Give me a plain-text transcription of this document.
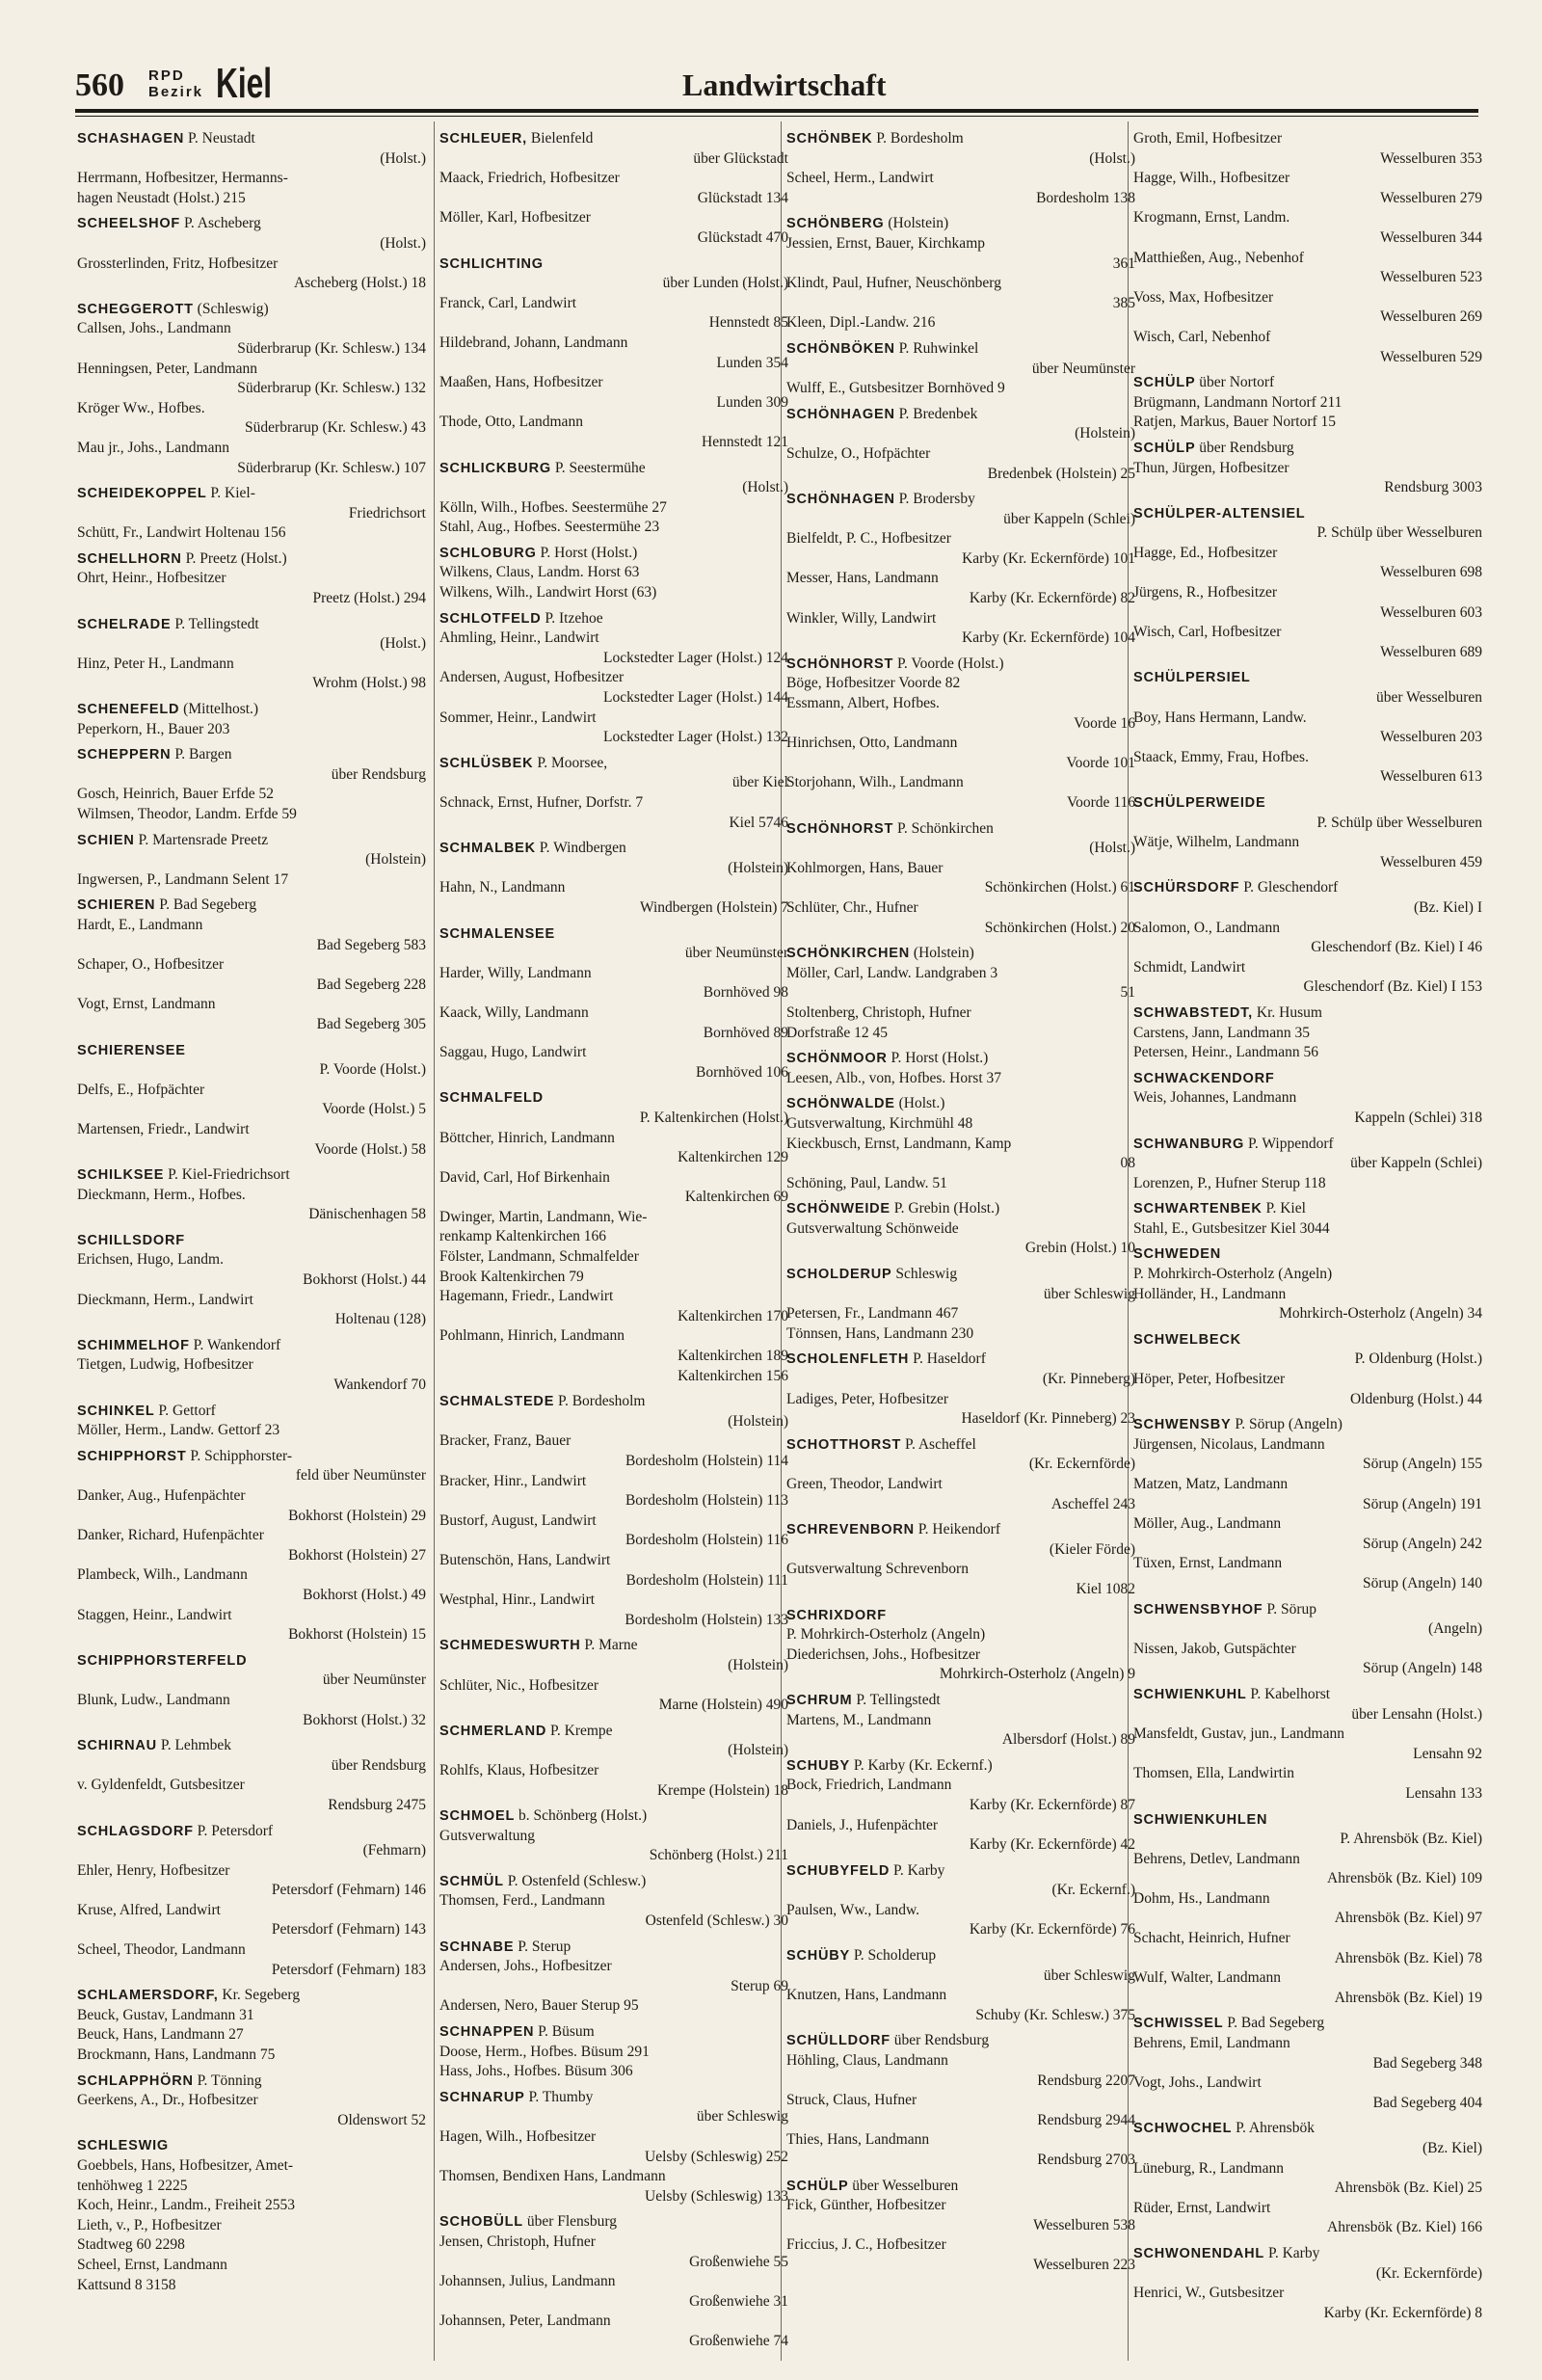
560 RPD
Bezirk Kiel	Landwirtschaft
SCHASHAGEN P. Neustadt
(Holst.)
Herrmann, Hofbesitzer, Hermanns-
hagen Neustadt (Holst.) 215
SCHEELSHOF P. Ascheberg
(Holst.)
Grossterlinden, Fritz, Hofbesitzer
Ascheberg (Holst.) 18
SCHEGGEROTT (Schleswig)
Callsen, Johs., Landmann
Süderbrarup (Kr. Schlesw.) 134
Henningsen, Peter, Landmann
Süderbrarup (Kr. Schlesw.) 132
Kröger Ww., Hofbes.
Süderbrarup (Kr. Schlesw.) 43
Mau jr., Johs., Landmann
Süderbrarup (Kr. Schlesw.) 107
SCHEIDEKOPPEL P. Kiel-
Friedrichsort
Schütt, Fr., Landwirt Holtenau 156
SCHELLHORN P. Preetz (Holst.)
Ohrt, Heinr., Hofbesitzer
Preetz (Holst.) 294
SCHELRADE P. Tellingstedt
(Holst.)
Hinz, Peter H., Landmann
Wrohm (Holst.) 98
SCHENEFELD (Mittelhost.)
Peperkorn, H., Bauer 203
SCHEPPERN P. Bargen
über Rendsburg
Gosch, Heinrich, Bauer Erfde 52
Wilmsen, Theodor, Landm. Erfde 59
SCHIEN P. Martensrade Preetz
(Holstein)
Ingwersen, P., Landmann Selent 17
SCHIEREN P. Bad Segeberg
Hardt, E., Landmann
Bad Segeberg 583
Schaper, O., Hofbesitzer
Bad Segeberg 228
Vogt, Ernst, Landmann
Bad Segeberg 305
SCHIERENSEE
P. Voorde (Holst.)
Delfs, E., Hofpächter
Voorde (Holst.) 5
Martensen, Friedr., Landwirt
Voorde (Holst.) 58
SCHILKSEE P. Kiel-Friedrichsort
Dieckmann, Herm., Hofbes.
Dänischenhagen 58
SCHILLSDORF
Erichsen, Hugo, Landm.
Bokhorst (Holst.) 44
Dieckmann, Herm., Landwirt
Holtenau (128)
SCHIMMELHOF P. Wankendorf
Tietgen, Ludwig, Hofbesitzer
Wankendorf 70
SCHINKEL P. Gettorf
Möller, Herm., Landw. Gettorf 23
SCHIPPHORST P. Schipphorster-
feld über Neumünster
Danker, Aug., Hufenpächter
Bokhorst (Holstein) 29
Danker, Richard, Hufenpächter
Bokhorst (Holstein) 27
Plambeck, Wilh., Landmann
Bokhorst (Holst.) 49
Staggen, Heinr., Landwirt
Bokhorst (Holstein) 15
SCHIPPHORSTERFELD
über Neumünster
Blunk, Ludw., Landmann
Bokhorst (Holst.) 32
SCHIRNAU P. Lehmbek
über Rendsburg
v. Gyldenfeldt, Gutsbesitzer
Rendsburg 2475
SCHLAGSDORF P. Petersdorf
(Fehmarn)
Ehler, Henry, Hofbesitzer
Petersdorf (Fehmarn) 146
Kruse, Alfred, Landwirt
Petersdorf (Fehmarn) 143
Scheel, Theodor, Landmann
Petersdorf (Fehmarn) 183
SCHLAMERSDORF, Kr. Segeberg
Beuck, Gustav, Landmann 31
Beuck, Hans, Landmann 27
Brockmann, Hans, Landmann 75
SCHLAPPHÖRN P. Tönning
Geerkens, A., Dr., Hofbesitzer
Oldenswort 52
SCHLESWIG
Goebbels, Hans, Hofbesitzer, Amet-
tenhöhweg 1 2225
Koch, Heinr., Landm., Freiheit 2553
Lieth, v., P., Hofbesitzer
Stadtweg 60 2298
Scheel, Ernst, Landmann
Kattsund 8 3158
SCHLEUER, Bielenfeld
über Glückstadt
Maack, Friedrich, Hofbesitzer
Glückstadt 134
Möller, Karl, Hofbesitzer
Glückstadt 470
SCHLICHTING
über Lunden (Holst.)
Franck, Carl, Landwirt
Hennstedt 85
Hildebrand, Johann, Landmann
Lunden 354
Maaßen, Hans, Hofbesitzer
Lunden 309
Thode, Otto, Landmann
Hennstedt 121
SCHLICKBURG P. Seestermühe
(Holst.)
Kölln, Wilh., Hofbes. Seestermühe 27
Stahl, Aug., Hofbes. Seestermühe 23
SCHLOBURG P. Horst (Holst.)
Wilkens, Claus, Landm. Horst 63
Wilkens, Wilh., Landwirt Horst (63)
SCHLOTFELD P. Itzehoe
Ahmling, Heinr., Landwirt
Lockstedter Lager (Holst.) 124
Andersen, August, Hofbesitzer
Lockstedter Lager (Holst.) 144
Sommer, Heinr., Landwirt
Lockstedter Lager (Holst.) 132
SCHLÜSBEK P. Moorsee,
über Kiel
Schnack, Ernst, Hufner, Dorfstr. 7
Kiel 5746
SCHMALBEK P. Windbergen
(Holstein)
Hahn, N., Landmann
Windbergen (Holstein) 7
SCHMALENSEE
über Neumünster
Harder, Willy, Landmann
Bornhöved 98
Kaack, Willy, Landmann
Bornhöved 89
Saggau, Hugo, Landwirt
Bornhöved 106
SCHMALFELD
P. Kaltenkirchen (Holst.)
Böttcher, Hinrich, Landmann
Kaltenkirchen 129
David, Carl, Hof Birkenhain
Kaltenkirchen 69
Dwinger, Martin, Landmann, Wie-
renkamp Kaltenkirchen 166
Fölster, Landmann, Schmalfelder
Brook Kaltenkirchen 79
Hagemann, Friedr., Landwirt
Kaltenkirchen 170
Pohlmann, Hinrich, Landmann
Kaltenkirchen 189
Kaltenkirchen 156
SCHMALSTEDE P. Bordesholm
(Holstein)
Bracker, Franz, Bauer
Bordesholm (Holstein) 114
Bracker, Hinr., Landwirt
Bordesholm (Holstein) 113
Bustorf, August, Landwirt
Bordesholm (Holstein) 116
Butenschön, Hans, Landwirt
Bordesholm (Holstein) 111
Westphal, Hinr., Landwirt
Bordesholm (Holstein) 133
SCHMEDESWURTH P. Marne
(Holstein)
Schlüter, Nic., Hofbesitzer
Marne (Holstein) 490
SCHMERLAND P. Krempe
(Holstein)
Rohlfs, Klaus, Hofbesitzer
Krempe (Holstein) 18
SCHMOEL b. Schönberg (Holst.)
Gutsverwaltung
Schönberg (Holst.) 211
SCHMÜL P. Ostenfeld (Schlesw.)
Thomsen, Ferd., Landmann
Ostenfeld (Schlesw.) 30
SCHNABE P. Sterup
Andersen, Johs., Hofbesitzer
Sterup 69
Andersen, Nero, Bauer Sterup 95
SCHNAPPEN P. Büsum
Doose, Herm., Hofbes. Büsum 291
Hass, Johs., Hofbes. Büsum 306
SCHNARUP P. Thumby
über Schleswig
Hagen, Wilh., Hofbesitzer
Uelsby (Schleswig) 252
Thomsen, Bendixen Hans, Landmann
Uelsby (Schleswig) 133
SCHOBÜLL über Flensburg
Jensen, Christoph, Hufner
Großenwiehe 55
Johannsen, Julius, Landmann
Großenwiehe 31
Johannsen, Peter, Landmann
Großenwiehe 74
SCHÖNBEK P. Bordesholm
(Holst.)
Scheel, Herm., Landwirt
Bordesholm 138
SCHÖNBERG (Holstein)
Jessien, Ernst, Bauer, Kirchkamp
361
Klindt, Paul, Hufner, Neuschönberg
385
Kleen, Dipl.-Landw. 216
SCHÖNBÖKEN P. Ruhwinkel
über Neumünster
Wulff, E., Gutsbesitzer Bornhöved 9
SCHÖNHAGEN P. Bredenbek
(Holstein)
Schulze, O., Hofpächter
Bredenbek (Holstein) 25
SCHÖNHAGEN P. Brodersby
über Kappeln (Schlei)
Bielfeldt, P. C., Hofbesitzer
Karby (Kr. Eckernförde) 101
Messer, Hans, Landmann
Karby (Kr. Eckernförde) 82
Winkler, Willy, Landwirt
Karby (Kr. Eckernförde) 104
SCHÖNHORST P. Voorde (Holst.)
Böge, Hofbesitzer Voorde 82
Essmann, Albert, Hofbes.
Voorde 16
Hinrichsen, Otto, Landmann
Voorde 101
Storjohann, Wilh., Landmann
Voorde 116
SCHÖNHORST P. Schönkirchen
(Holst.)
Kohlmorgen, Hans, Bauer
Schönkirchen (Holst.) 61
Schlüter, Chr., Hufner
Schönkirchen (Holst.) 20
SCHÖNKIRCHEN (Holstein)
Möller, Carl, Landw. Landgraben 3
51
Stoltenberg, Christoph, Hufner
Dorfstraße 12 45
SCHÖNMOOR P. Horst (Holst.)
Leesen, Alb., von, Hofbes. Horst 37
SCHÖNWALDE (Holst.)
Gutsverwaltung, Kirchmühl 48
Kieckbusch, Ernst, Landmann, Kamp
08
Schöning, Paul, Landw. 51
SCHÖNWEIDE P. Grebin (Holst.)
Gutsverwaltung Schönweide
Grebin (Holst.) 10
SCHOLDERUP Schleswig
über Schleswig
Petersen, Fr., Landmann 467
Tönnsen, Hans, Landmann 230
SCHOLENFLETH P. Haseldorf
(Kr. Pinneberg)
Ladiges, Peter, Hofbesitzer
Haseldorf (Kr. Pinneberg) 23
SCHOTTHORST P. Ascheffel
(Kr. Eckernförde)
Green, Theodor, Landwirt
Ascheffel 243
SCHREVENBORN P. Heikendorf
(Kieler Förde)
Gutsverwaltung Schrevenborn
Kiel 1082
SCHRIXDORF
P. Mohrkirch-Osterholz (Angeln)
Diederichsen, Johs., Hofbesitzer
Mohrkirch-Osterholz (Angeln) 9
SCHRUM P. Tellingstedt
Martens, M., Landmann
Albersdorf (Holst.) 89
SCHUBY P. Karby (Kr. Eckernf.)
Bock, Friedrich, Landmann
Karby (Kr. Eckernförde) 87
Daniels, J., Hufenpächter
Karby (Kr. Eckernförde) 42
SCHUBYFELD P. Karby
(Kr. Eckernf.)
Paulsen, Ww., Landw.
Karby (Kr. Eckernförde) 76
SCHÜBY P. Scholderup
über Schleswig
Knutzen, Hans, Landmann
Schuby (Kr. Schlesw.) 375
SCHÜLLDORF über Rendsburg
Höhling, Claus, Landmann
Rendsburg 2207
Struck, Claus, Hufner
Rendsburg 2944
Thies, Hans, Landmann
Rendsburg 2703
SCHÜLP über Wesselburen
Fick, Günther, Hofbesitzer
Wesselburen 538
Friccius, J. C., Hofbesitzer
Wesselburen 223
Groth, Emil, Hofbesitzer
Wesselburen 353
Hagge, Wilh., Hofbesitzer
Wesselburen 279
Krogmann, Ernst, Landm.
Wesselburen 344
Matthießen, Aug., Nebenhof
Wesselburen 523
Voss, Max, Hofbesitzer
Wesselburen 269
Wisch, Carl, Nebenhof
Wesselburen 529
SCHÜLP über Nortorf
Brügmann, Landmann Nortorf 211
Ratjen, Markus, Bauer Nortorf 15
SCHÜLP über Rendsburg
Thun, Jürgen, Hofbesitzer
Rendsburg 3003
SCHÜLPER-ALTENSIEL
P. Schülp über Wesselburen
Hagge, Ed., Hofbesitzer
Wesselburen 698
Jürgens, R., Hofbesitzer
Wesselburen 603
Wisch, Carl, Hofbesitzer
Wesselburen 689
SCHÜLPERSIEL
über Wesselburen
Boy, Hans Hermann, Landw.
Wesselburen 203
Staack, Emmy, Frau, Hofbes.
Wesselburen 613
SCHÜLPERWEIDE
P. Schülp über Wesselburen
Wätje, Wilhelm, Landmann
Wesselburen 459
SCHÜRSDORF P. Gleschendorf
(Bz. Kiel) I
Salomon, O., Landmann
Gleschendorf (Bz. Kiel) I 46
Schmidt, Landwirt
Gleschendorf (Bz. Kiel) I 153
SCHWABSTEDT, Kr. Husum
Carstens, Jann, Landmann 35
Petersen, Heinr., Landmann 56
SCHWACKENDORF
Weis, Johannes, Landmann
Kappeln (Schlei) 318
SCHWANBURG P. Wippendorf
über Kappeln (Schlei)
Lorenzen, P., Hufner Sterup 118
SCHWARTENBEK P. Kiel
Stahl, E., Gutsbesitzer Kiel 3044
SCHWEDEN
P. Mohrkirch-Osterholz (Angeln)
Holländer, H., Landmann
Mohrkirch-Osterholz (Angeln) 34
SCHWELBECK
P. Oldenburg (Holst.)
Höper, Peter, Hofbesitzer
Oldenburg (Holst.) 44
SCHWENSBY P. Sörup (Angeln)
Jürgensen, Nicolaus, Landmann
Sörup (Angeln) 155
Matzen, Matz, Landmann
Sörup (Angeln) 191
Möller, Aug., Landmann
Sörup (Angeln) 242
Tüxen, Ernst, Landmann
Sörup (Angeln) 140
SCHWENSBYHOF P. Sörup
(Angeln)
Nissen, Jakob, Gutspächter
Sörup (Angeln) 148
SCHWIENKUHL P. Kabelhorst
über Lensahn (Holst.)
Mansfeldt, Gustav, jun., Landmann
Lensahn 92
Thomsen, Ella, Landwirtin
Lensahn 133
SCHWIENKUHLEN
P. Ahrensbök (Bz. Kiel)
Behrens, Detlev, Landmann
Ahrensbök (Bz. Kiel) 109
Dohm, Hs., Landmann
Ahrensbök (Bz. Kiel) 97
Schacht, Heinrich, Hufner
Ahrensbök (Bz. Kiel) 78
Wulf, Walter, Landmann
Ahrensbök (Bz. Kiel) 19
SCHWISSEL P. Bad Segeberg
Behrens, Emil, Landmann
Bad Segeberg 348
Vogt, Johs., Landwirt
Bad Segeberg 404
SCHWOCHEL P. Ahrensbök
(Bz. Kiel)
Lüneburg, R., Landmann
Ahrensbök (Bz. Kiel) 25
Rüder, Ernst, Landwirt
Ahrensbök (Bz. Kiel) 166
SCHWONENDAHL P. Karby
(Kr. Eckernförde)
Henrici, W., Gutsbesitzer
Karby (Kr. Eckernförde) 8
